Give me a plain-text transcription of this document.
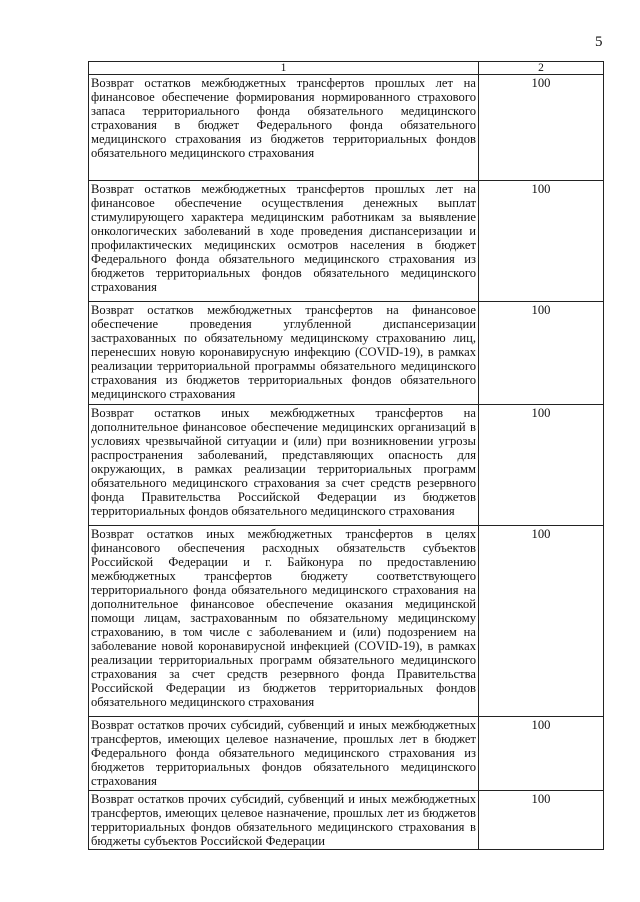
5
1	2
Возврат остатков межбюджетных трансфертов прошлых лет на финансовое обеспечение формирования нормированного страхового запаса территориального фонда обязательного медицинского страхования в бюджет Федерального фонда обязательного медицинского страхования из бюджетов территориальных фондов обязательного медицинского страхования	100
Возврат остатков межбюджетных трансфертов прошлых лет на финансовое обеспечение осуществления денежных выплат стимулирующего характера медицинским работникам за выявление онкологических заболеваний в ходе проведения диспансеризации и профилактических медицинских осмотров населения в бюджет Федерального фонда обязательного медицинского страхования из бюджетов территориальных фондов обязательного медицинского страхования	100
Возврат остатков межбюджетных трансфертов на финансовое обеспечение проведения углубленной диспансеризации застрахованных по обязательному медицинскому страхованию лиц, перенесших новую коронавирусную инфекцию (COVID-19), в рамках реализации территориальной программы обязательного медицинского страхования из бюджетов территориальных фондов обязательного медицинского страхования	100
Возврат остатков иных межбюджетных трансфертов на дополнительное финансовое обеспечение медицинских организаций в условиях чрезвычайной ситуации и (или) при возникновении угрозы распространения заболеваний, представляющих опасность для окружающих, в рамках реализации территориальных программ обязательного медицинского страхования за счет средств резервного фонда Правительства Российской Федерации из бюджетов территориальных фондов обязательного медицинского страхования	100
Возврат остатков иных межбюджетных трансфертов в целях финансового обеспечения расходных обязательств субъектов Российской Федерации и г. Байконура по предоставлению межбюджетных трансфертов бюджету соответствующего территориального фонда обязательного медицинского страхования на дополнительное финансовое обеспечение оказания медицинской помощи лицам, застрахованным по обязательному медицинскому страхованию, в том числе с заболеванием и (или) подозрением на заболевание новой коронавирусной инфекцией (COVID-19), в рамках реализации территориальных программ обязательного медицинского страхования за счет средств резервного фонда Правительства Российской Федерации из бюджетов территориальных фондов обязательного медицинского страхования	100
Возврат остатков прочих субсидий, субвенций и иных межбюджетных трансфертов, имеющих целевое назначение, прошлых лет в бюджет Федерального фонда обязательного медицинского страхования из бюджетов территориальных фондов обязательного медицинского страхования	100
Возврат остатков прочих субсидий, субвенций и иных межбюджетных трансфертов, имеющих целевое назначение, прошлых лет из бюджетов территориальных фондов обязательного медицинского страхования в бюджеты субъектов Российской Федерации	100
